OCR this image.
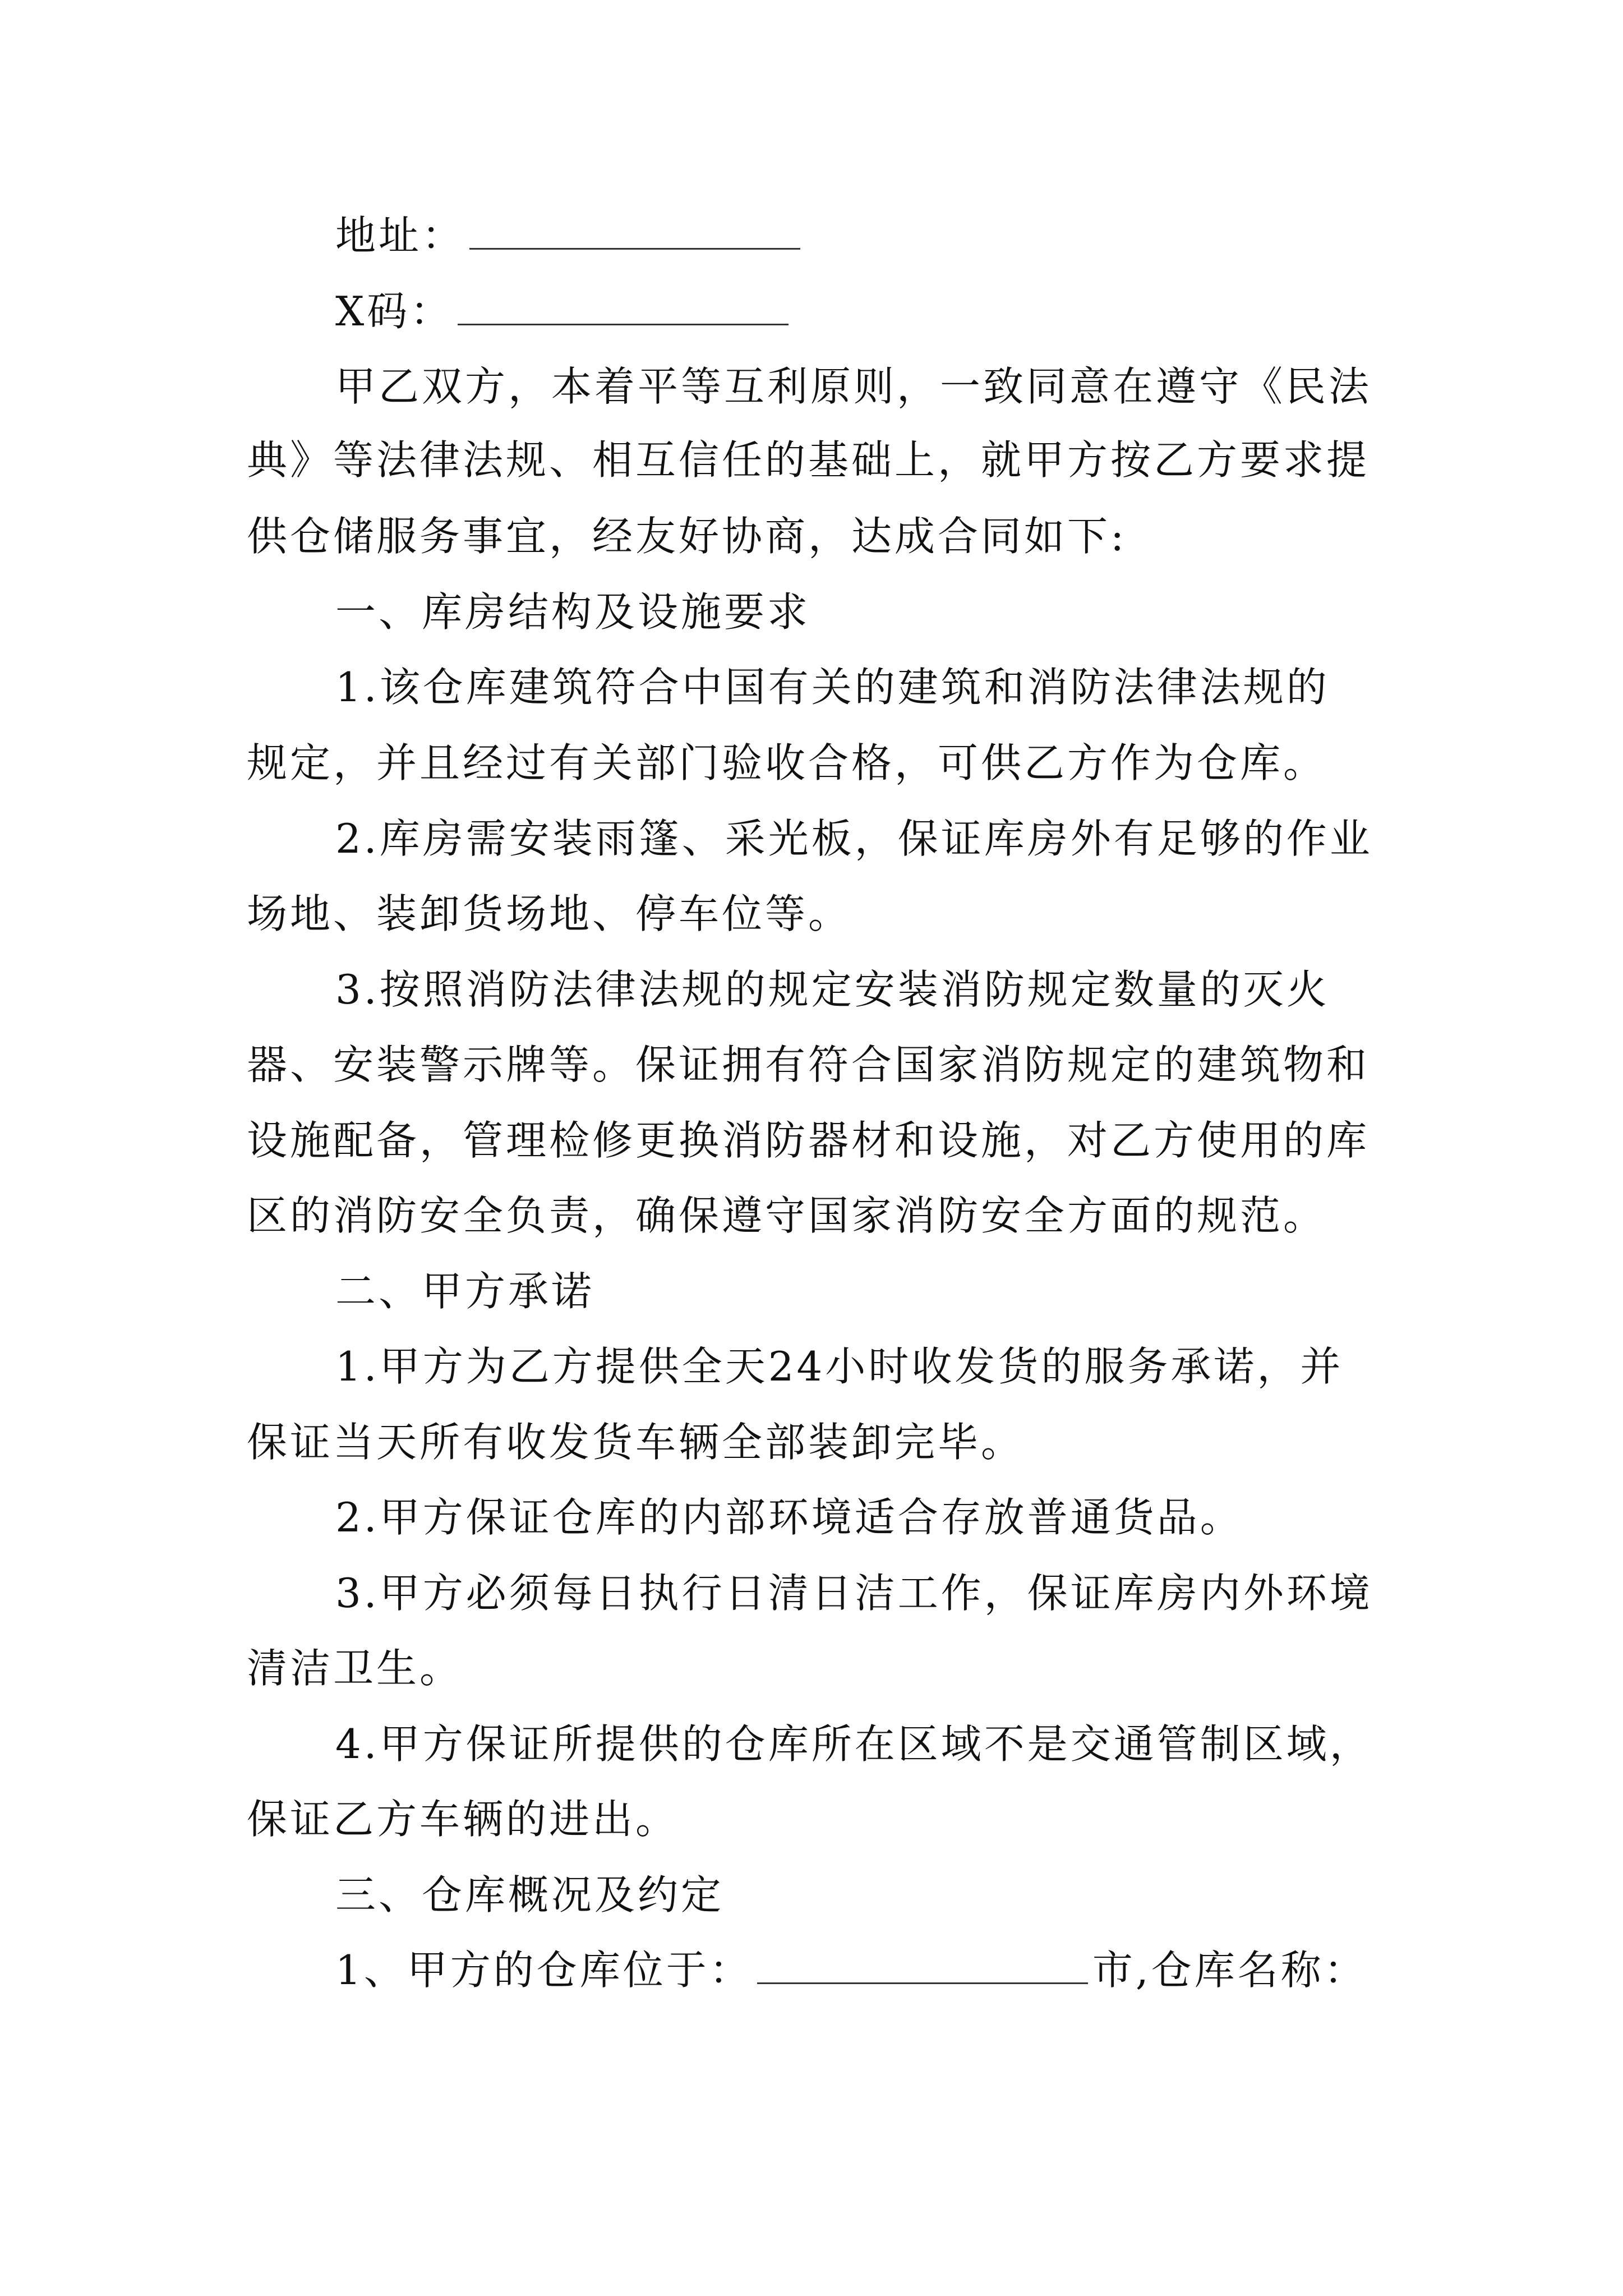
地址：
X码：
甲乙双方，本着平等互利原则，一致同意在遵守《民法
典》等法律法规、相互信任的基础上，就甲方按乙方要求提
供仓储服务事宜，经友好协商，达成合同如下:
一、库房结构及设施要求
1.该仓库建筑符合中国有关的建筑和消防法律法规的
规定，并且经过有关部门验收合格，可供乙方作为仓库。
2.库房需安装雨篷、采光板，保证库房外有足够的作业
场地、装卸货场地、停车位等。
3.按照消防法律法规的规定安装消防规定数量的灭火
器、安装警示牌等。保证拥有符合国家消防规定的建筑物和
设施配备，管理检修更换消防器材和设施，对乙方使用的库
区的消防安全负责，确保遵守国家消防安全方面的规范。
二、甲方承诺
1.甲方为乙方提供全天24小时收发货的服务承诺，并
保证当天所有收发货车辆全部装卸完毕。
2.甲方保证仓库的内部环境适合存放普通货品。
3.甲方必须每日执行日清日洁工作，保证库房内外环境
清洁卫生。
4.甲方保证所提供的仓库所在区域不是交通管制区域，
保证乙方车辆的进出。
三、仓库概况及约定
1、甲方的仓库位于：	市,仓库名称：
